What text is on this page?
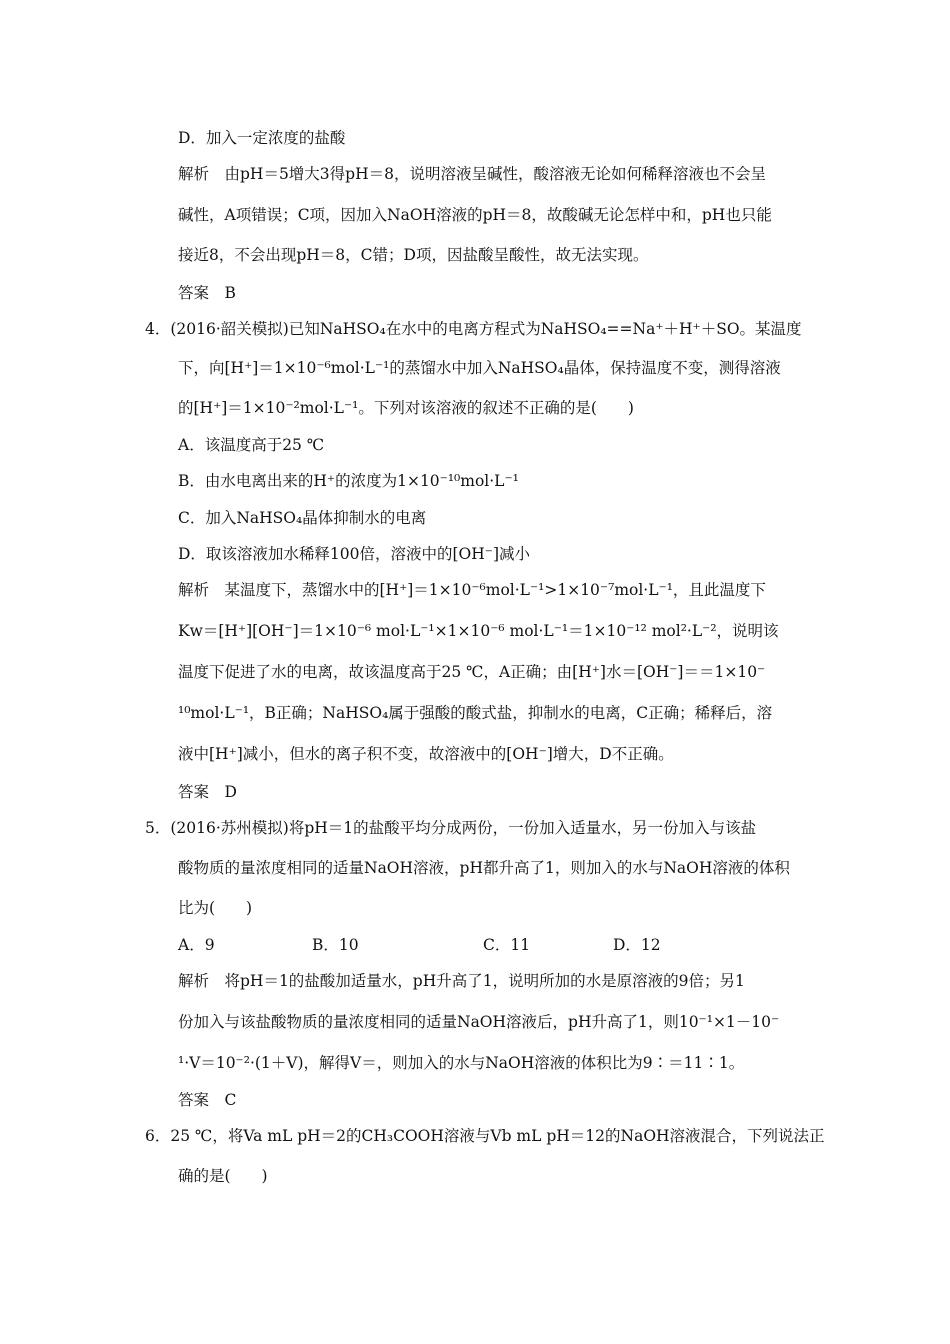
D．加入一定浓度的盐酸
解析　由pH＝5增大3得pH＝8，说明溶液呈碱性，酸溶液无论如何稀释溶液也不会呈
碱性，A项错误；C项，因加入NaOH溶液的pH＝8，故酸碱无论怎样中和，pH也只能
接近8，不会出现pH＝8，C错；D项，因盐酸呈酸性，故无法实现。
答案　B
4．(2016·韶关模拟)已知NaHSO₄在水中的电离方程式为NaHSO₄==Na⁺＋H⁺＋SO。某温度
下，向[H⁺]＝1×10⁻⁶mol·L⁻¹的蒸馏水中加入NaHSO₄晶体，保持温度不变，测得溶液
的[H⁺]＝1×10⁻²mol·L⁻¹。下列对该溶液的叙述不正确的是(　　)
A．该温度高于25 ℃
B．由水电离出来的H⁺的浓度为1×10⁻¹⁰mol·L⁻¹
C．加入NaHSO₄晶体抑制水的电离
D．取该溶液加水稀释100倍，溶液中的[OH⁻]减小
解析　某温度下，蒸馏水中的[H⁺]＝1×10⁻⁶mol·L⁻¹>1×10⁻⁷mol·L⁻¹，且此温度下
Kw＝[H⁺][OH⁻]＝1×10⁻⁶ mol·L⁻¹×1×10⁻⁶ mol·L⁻¹＝1×10⁻¹² mol²·L⁻²，说明该
温度下促进了水的电离，故该温度高于25 ℃，A正确；由[H⁺]水＝[OH⁻]＝＝1×10⁻
¹⁰mol·L⁻¹，B正确；NaHSO₄属于强酸的酸式盐，抑制水的电离，C正确；稀释后，溶
液中[H⁺]减小，但水的离子积不变，故溶液中的[OH⁻]增大，D不正确。
答案　D
5．(2016·苏州模拟)将pH＝1的盐酸平均分成两份，一份加入适量水，另一份加入与该盐
酸物质的量浓度相同的适量NaOH溶液，pH都升高了1，则加入的水与NaOH溶液的体积
比为(　　)
A．9	B．10	C．11	D．12
解析　将pH＝1的盐酸加适量水，pH升高了1，说明所加的水是原溶液的9倍；另1
份加入与该盐酸物质的量浓度相同的适量NaOH溶液后，pH升高了1，则10⁻¹×1－10⁻
¹·V＝10⁻²·(1＋V)，解得V＝，则加入的水与NaOH溶液的体积比为9∶＝11∶1。
答案　C
6．25 ℃，将Va mL pH＝2的CH₃COOH溶液与Vb mL pH＝12的NaOH溶液混合，下列说法正
确的是(　　)
